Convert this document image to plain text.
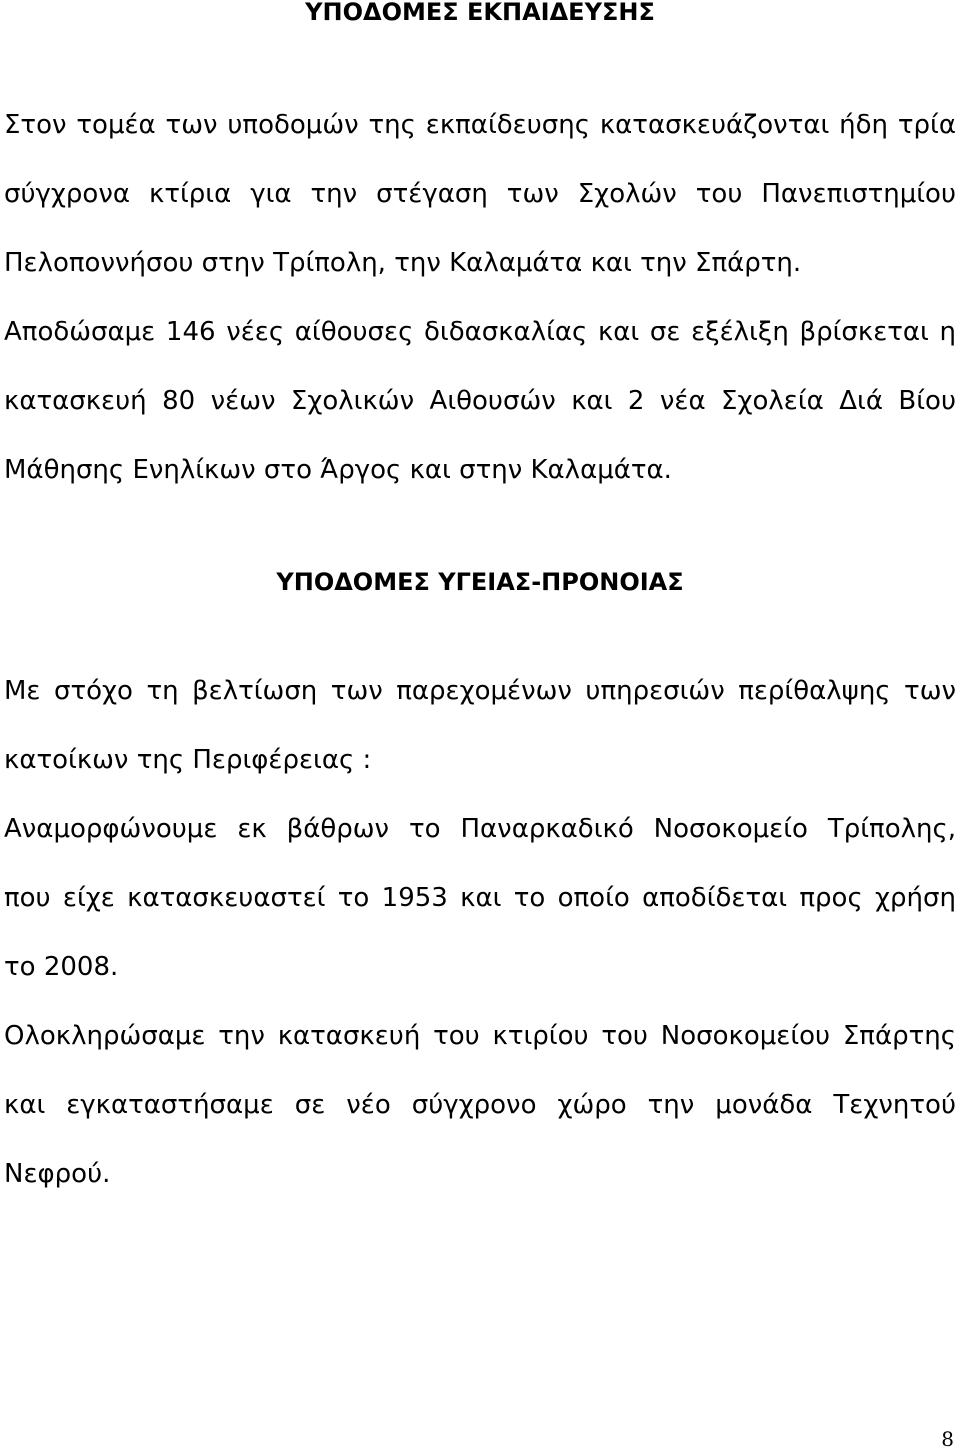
ΥΠΟΔΟΜΕΣ ΕΚΠΑΙΔΕΥΣΗΣ
Στον τομέα των υποδομών της εκπαίδευσης κατασκευάζονται ήδη τρία
σύγχρονα κτίρια για την στέγαση των Σχολών του Πανεπιστημίου
Πελοποννήσου στην Τρίπολη, την Καλαμάτα και την Σπάρτη.
Αποδώσαμε 146 νέες αίθουσες διδασκαλίας και σε εξέλιξη βρίσκεται η
κατασκευή 80 νέων Σχολικών Αιθουσών και 2 νέα Σχολεία Διά Βίου
Μάθησης Ενηλίκων στο Άργος και στην Καλαμάτα.
ΥΠΟΔΟΜΕΣ ΥΓΕΙΑΣ-ΠΡΟΝΟΙΑΣ
Με στόχο τη βελτίωση των παρεχομένων υπηρεσιών περίθαλψης των
κατοίκων της Περιφέρειας :
Αναμορφώνουμε εκ βάθρων το Παναρκαδικό Νοσοκομείο Τρίπολης,
που είχε κατασκευαστεί το 1953 και το οποίο αποδίδεται προς χρήση
το 2008.
Ολοκληρώσαμε την κατασκευή του κτιρίου του Νοσοκομείου Σπάρτης
και εγκαταστήσαμε σε νέο σύγχρονο χώρο την μονάδα Τεχνητού
Νεφρού.
8
